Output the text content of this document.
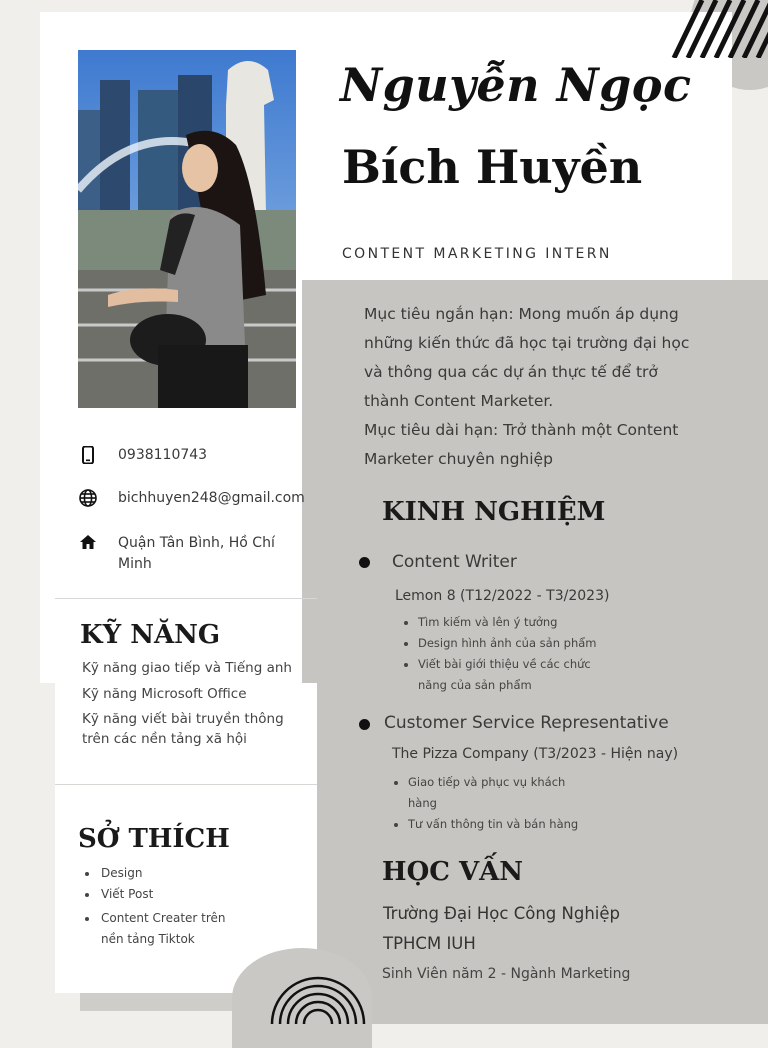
Nguyễn Ngọc
Bích Huyền
CONTENT MARKETING INTERN
0938110743
bichhuyen248@gmail.com
Quận Tân Bình, Hồ Chí
Minh
KỸ NĂNG
Kỹ năng giao tiếp và Tiếng anh
Kỹ năng Microsoft Office
Kỹ năng viết bài truyền thông
trên các nền tảng xã hội
SỞ THÍCH
• Design
• Viết Post
• Content Creater trên
nền tảng Tiktok
Mục tiêu ngắn hạn: Mong muốn áp dụng
những kiến thức đã học tại trường đại học
và thông qua các dự án thực tế để trở
thành Content Marketer.
Mục tiêu dài hạn: Trở thành một Content
Marketer chuyên nghiệp
KINH NGHIỆM
Content Writer
Lemon 8 (T12/2022 - T3/2023)
• Tìm kiếm và lên ý tưởng
• Design hình ảnh của sản phẩm
• Viết bài giới thiệu về các chức
năng của sản phẩm
Customer Service Representative
The Pizza Company (T3/2023 - Hiện nay)
• Giao tiếp và phục vụ khách
hàng
• Tư vấn thông tin và bán hàng
HỌC VẤN
Trường Đại Học Công Nghiệp
TPHCM IUH
Sinh Viên năm 2 - Ngành Marketing
